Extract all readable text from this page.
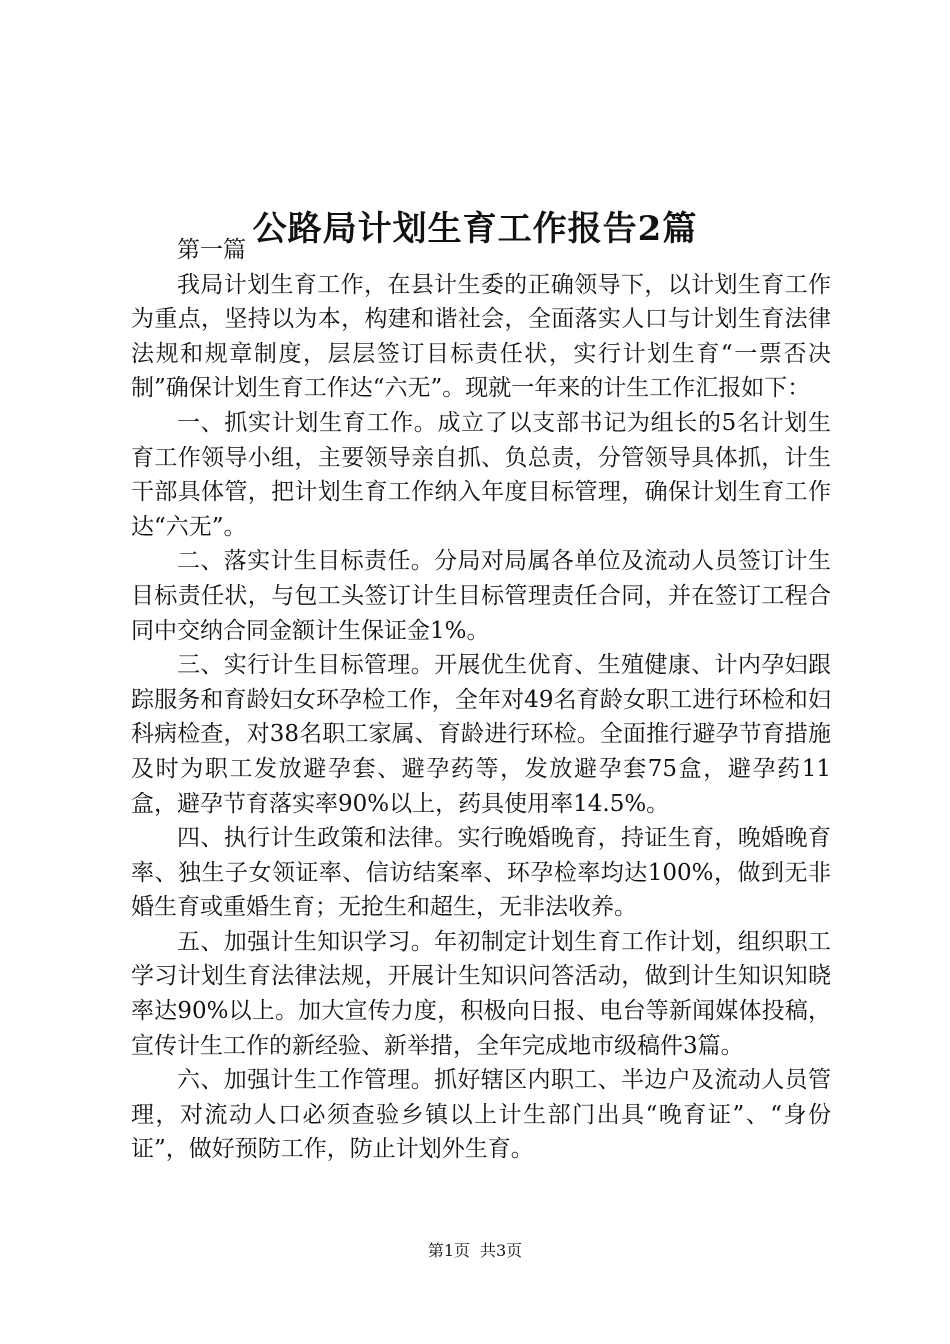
公路局计划生育工作报告2篇

第一篇

我局计划生育工作，在县计生委的正确领导下，以计划生育工作为重点，坚持以为本，构建和谐社会，全面落实人口与计划生育法律法规和规章制度，层层签订目标责任状，实行计划生育“一票否决制”确保计划生育工作达“六无”。现就一年来的计生工作汇报如下：

一、抓实计划生育工作。成立了以支部书记为组长的5名计划生育工作领导小组，主要领导亲自抓、负总责，分管领导具体抓，计生干部具体管，把计划生育工作纳入年度目标管理，确保计划生育工作达“六无”。

二、落实计生目标责任。分局对局属各单位及流动人员签订计生目标责任状，与包工头签订计生目标管理责任合同，并在签订工程合同中交纳合同金额计生保证金1%。

三、实行计生目标管理。开展优生优育、生殖健康、计内孕妇跟踪服务和育龄妇女环孕检工作，全年对49名育龄女职工进行环检和妇科病检查，对38名职工家属、育龄进行环检。全面推行避孕节育措施及时为职工发放避孕套、避孕药等，发放避孕套75盒，避孕药11盒，避孕节育落实率90%以上，药具使用率14.5%。

四、执行计生政策和法律。实行晚婚晚育，持证生育，晚婚晚育率、独生子女领证率、信访结案率、环孕检率均达100%，做到无非婚生育或重婚生育；无抢生和超生，无非法收养。

五、加强计生知识学习。年初制定计划生育工作计划，组织职工学习计划生育法律法规，开展计生知识问答活动，做到计生知识知晓率达90%以上。加大宣传力度，积极向日报、电台等新闻媒体投稿，宣传计生工作的新经验、新举措，全年完成地市级稿件3篇。

六、加强计生工作管理。抓好辖区内职工、半边户及流动人员管理，对流动人口必须查验乡镇以上计生部门出具“晚育证”、“身份证”，做好预防工作，防止计划外生育。

第1页 共3页
